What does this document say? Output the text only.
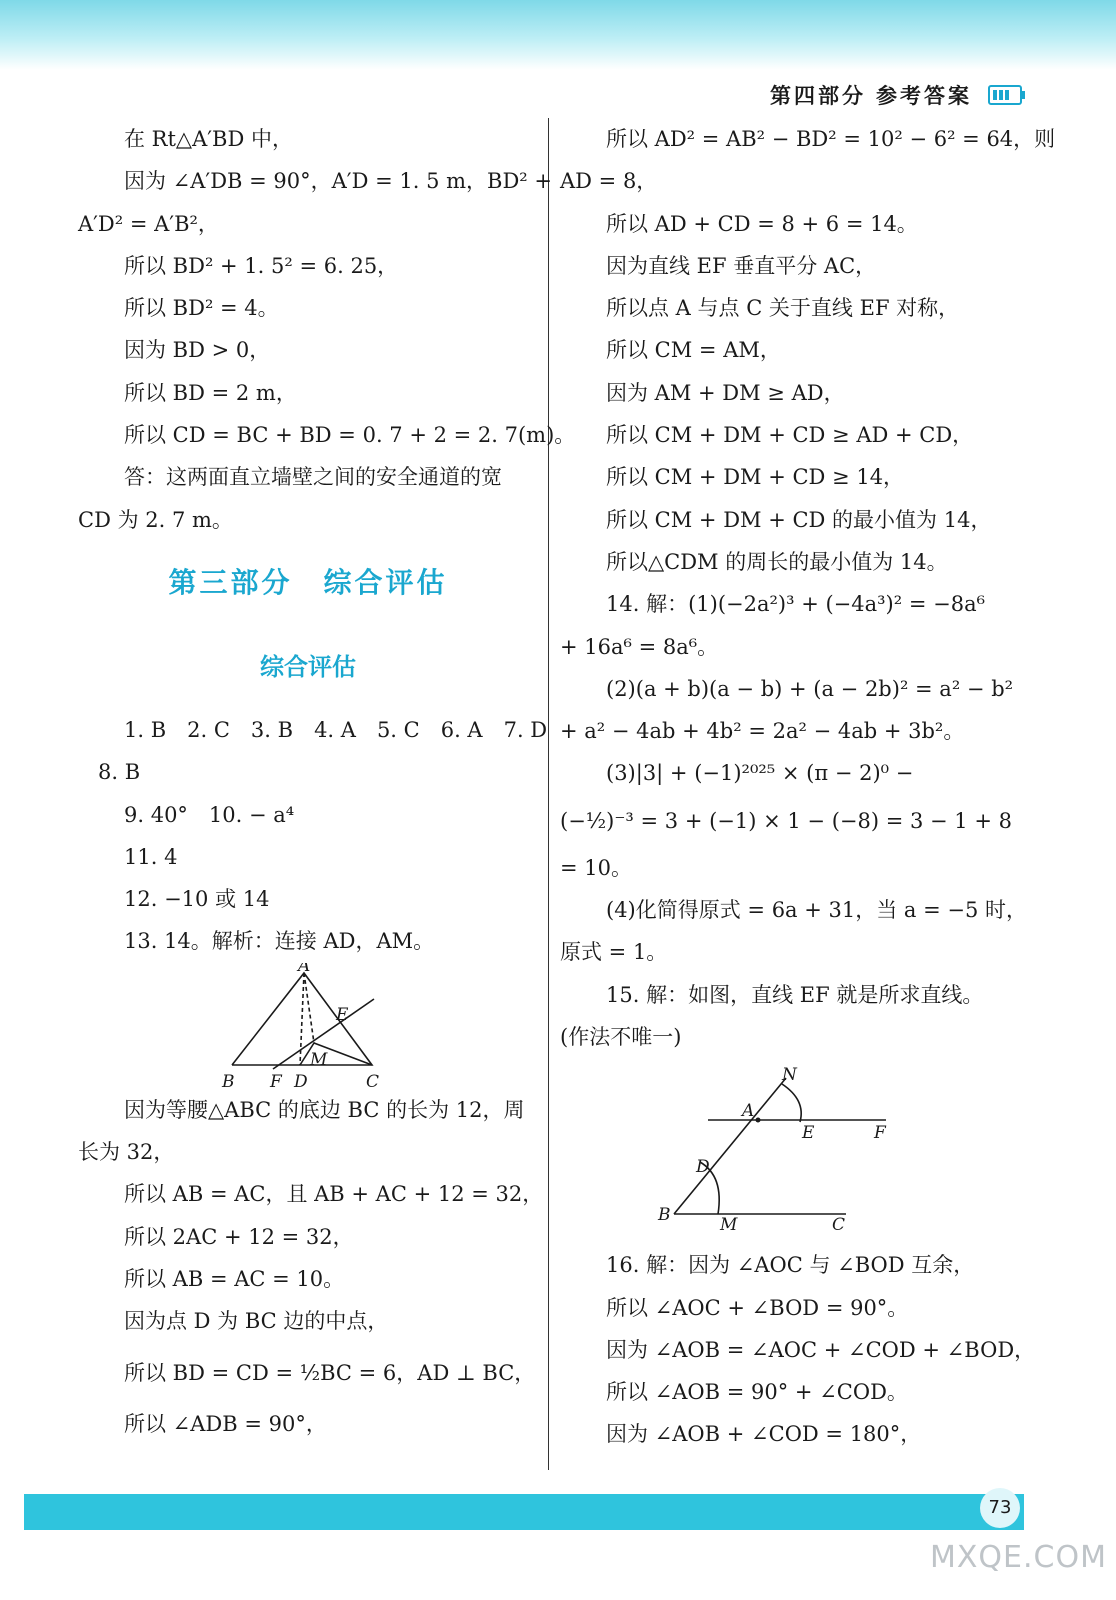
第四部分 参考答案
在 Rt△A′BD 中，
因为 ∠A′DB = 90°，A′D = 1. 5 m，BD² +
A′D² = A′B²，
所以 BD² + 1. 5² = 6. 25，
所以 BD² = 4。
因为 BD > 0，
所以 BD = 2 m，
所以 CD = BC + BD = 0. 7 + 2 = 2. 7(m)。
答：这两面直立墙壁之间的安全通道的宽
CD 为 2. 7 m。
第三部分　综合评估
综合评估
1. B　2. C　3. B　4. A　5. C　6. A　7. D
8. B
9. 40°　10. − a⁴
11. 4
12. −10 或 14
13. 14。解析：连接 AD，AM。
A
E
M
B F D	C
因为等腰△ABC 的底边 BC 的长为 12，周
长为 32，
所以 AB = AC，且 AB + AC + 12 = 32，
所以 2AC + 12 = 32，
所以 AB = AC = 10。
因为点 D 为 BC 边的中点，
所以 BD = CD = ½BC = 6，AD ⊥ BC，
所以 ∠ADB = 90°，
所以 AD² = AB² − BD² = 10² − 6² = 64，则
AD = 8，
所以 AD + CD = 8 + 6 = 14。
因为直线 EF 垂直平分 AC，
所以点 A 与点 C 关于直线 EF 对称，
所以 CM = AM，
因为 AM + DM ≥ AD，
所以 CM + DM + CD ≥ AD + CD，
所以 CM + DM + CD ≥ 14，
所以 CM + DM + CD 的最小值为 14，
所以△CDM 的周长的最小值为 14。
14. 解：(1)(−2a²)³ + (−4a³)² = −8a⁶
+ 16a⁶ = 8a⁶。
(2)(a + b)(a − b) + (a − 2b)² = a² − b²
+ a² − 4ab + 4b² = 2a² − 4ab + 3b²。
(3)|3| + (−1)²⁰²⁵ × (π − 2)⁰ −
(−½)⁻³ = 3 + (−1) × 1 − (−8) = 3 − 1 + 8
= 10。
(4)化简得原式 = 6a + 31，当 a = −5 时，
原式 = 1。
15. 解：如图，直线 EF 就是所求直线。
(作法不唯一)
N
A
E	F
D
B	M	C
16. 解：因为 ∠AOC 与 ∠BOD 互余，
所以 ∠AOC + ∠BOD = 90°。
因为 ∠AOB = ∠AOC + ∠COD + ∠BOD，
所以 ∠AOB = 90° + ∠COD。
因为 ∠AOB + ∠COD = 180°，
73
MXQE.COM
